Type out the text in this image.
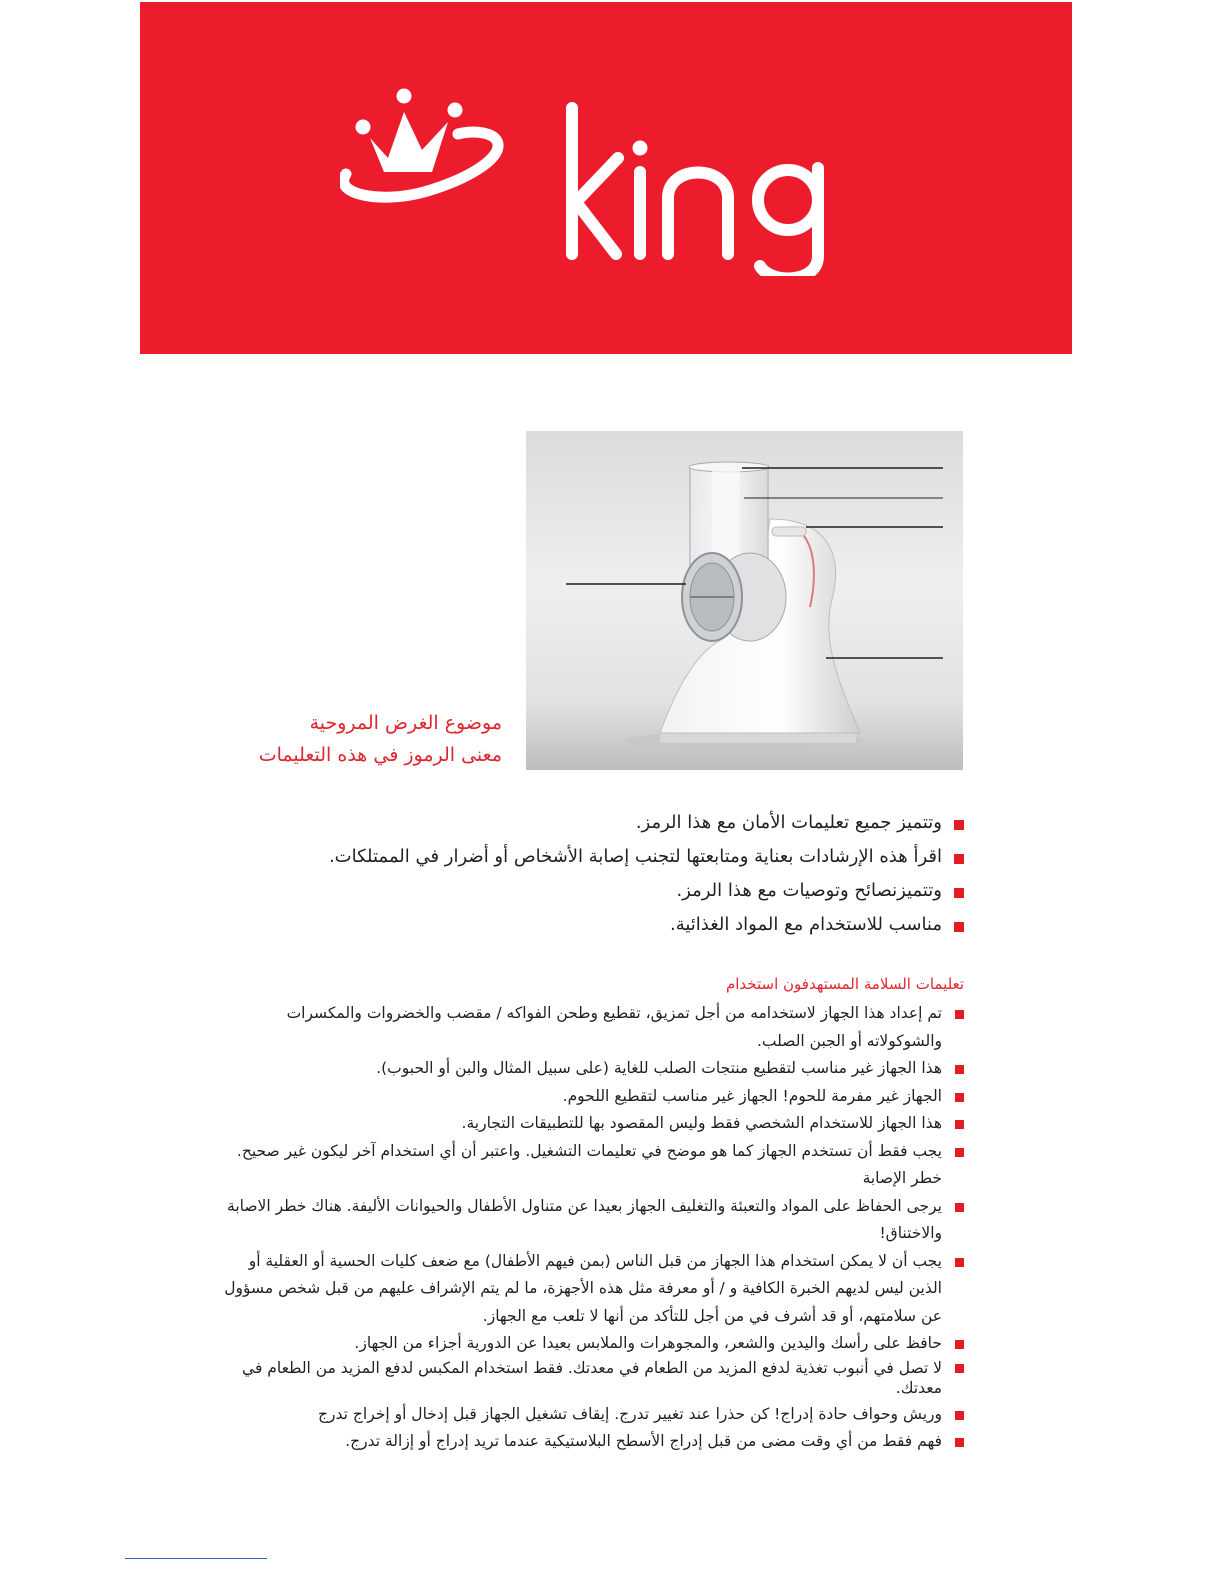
موضوع الغرض المروحية
معنى الرموز في هذه التعليمات
وتتميز جميع تعليمات الأمان مع هذا الرمز.
اقرأ هذه الإرشادات بعناية ومتابعتها لتجنب إصابة الأشخاص أو أضرار في الممتلكات.
وتتميزنصائح وتوصيات مع هذا الرمز.
مناسب للاستخدام مع المواد الغذائية.
تعليمات السلامة المستهدفون استخدام
تم إعداد هذا الجهاز لاستخدامه من أجل تمزيق، تقطيع وطحن الفواكه / مقضب والخضروات والمكسرات والشوكولاته أو الجبن الصلب.
هذا الجهاز غير مناسب لتقطيع منتجات الصلب للغاية (على سبيل المثال والبن أو الحبوب).
الجهاز غير مفرمة للحوم! الجهاز غير مناسب لتقطيع اللحوم.
هذا الجهاز للاستخدام الشخصي فقط وليس المقصود بها للتطبيقات التجارية.
يجب فقط أن تستخدم الجهاز كما هو موضح في تعليمات التشغيل. واعتبر أن أي استخدام آخر ليكون غير صحيح. خطر الإصابة
يرجى الحفاظ على المواد والتعبئة والتغليف الجهاز بعيدا عن متناول الأطفال والحيوانات الأليفة. هناك خطر الاصابة والاختناق!
يجب أن لا يمكن استخدام هذا الجهاز من قبل الناس (بمن فيهم الأطفال) مع ضعف كليات الحسية أو العقلية أو الذين ليس لديهم الخبرة الكافية و / أو معرفة مثل هذه الأجهزة، ما لم يتم الإشراف عليهم من قبل شخص مسؤول عن سلامتهم، أو قد أشرف في من أجل للتأكد من أنها لا تلعب مع الجهاز.
حافظ على رأسك واليدين والشعر، والمجوهرات والملابس بعيدا عن الدورية أجزاء من الجهاز.
لا تصل في أنبوب تغذية لدفع المزيد من الطعام في معدتك. فقط استخدام المكبس لدفع المزيد من الطعام في معدتك.
وريش وحواف حادة إدراج! كن حذرا عند تغيير تدرج. إيقاف تشغيل الجهاز قبل إدخال أو إخراج تدرج
فهم فقط من أي وقت مضى من قبل إدراج الأسطح البلاستيكية عندما تريد إدراج أو إزالة تدرج.
